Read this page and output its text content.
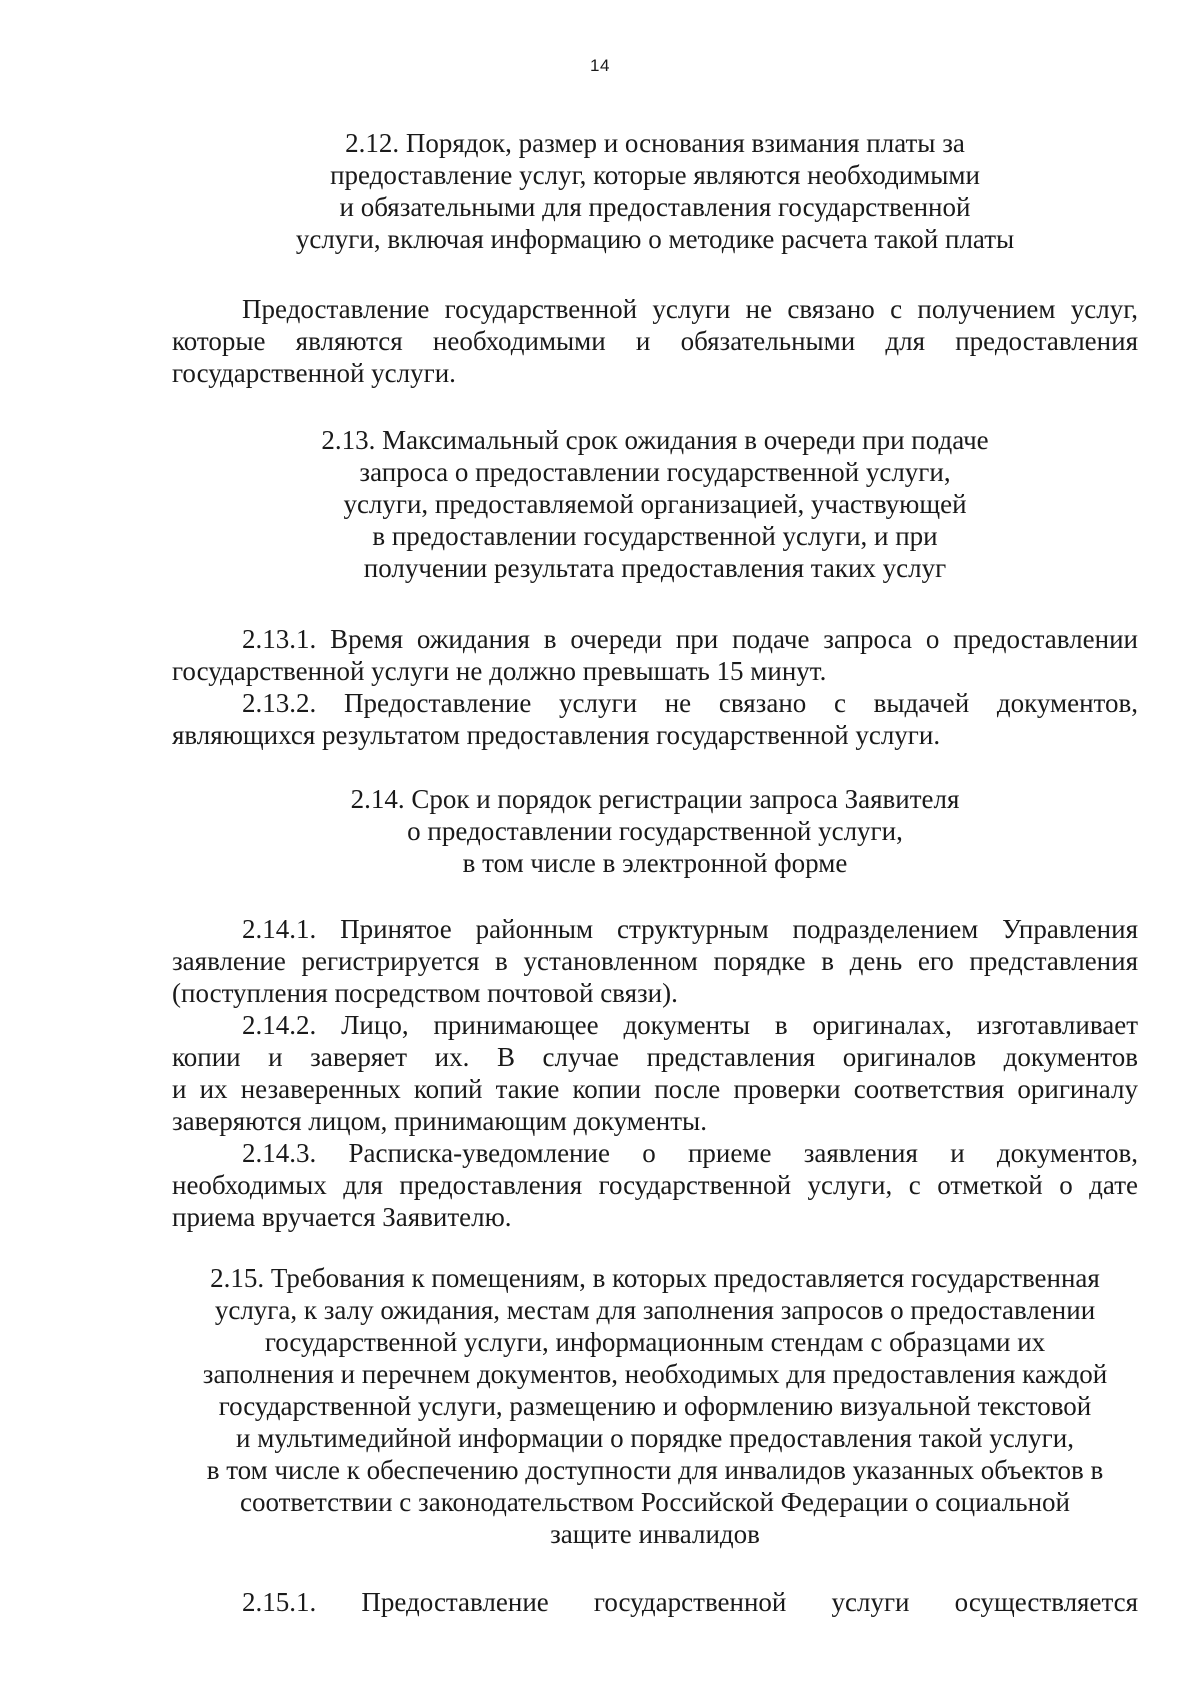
14
2.12. Порядок, размер и основания взимания платы за
предоставление услуг, которые являются необходимыми
и обязательными для предоставления государственной
услуги, включая информацию о методике расчета такой платы
Предоставление государственной услуги не связано с получением услуг,
которые являются необходимыми и обязательными для предоставления
государственной услуги.
2.13. Максимальный срок ожидания в очереди при подаче
запроса о предоставлении государственной услуги,
услуги, предоставляемой организацией, участвующей
в предоставлении государственной услуги, и при
получении результата предоставления таких услуг
2.13.1. Время ожидания в очереди при подаче запроса о предоставлении
государственной услуги не должно превышать 15 минут.
2.13.2. Предоставление услуги не связано с выдачей документов,
являющихся результатом предоставления государственной услуги.
2.14. Срок и порядок регистрации запроса Заявителя
о предоставлении государственной услуги,
в том числе в электронной форме
2.14.1. Принятое районным структурным подразделением Управления
заявление регистрируется в установленном порядке в день его представления
(поступления посредством почтовой связи).
2.14.2. Лицо, принимающее документы в оригиналах, изготавливает
копии и заверяет их. В случае представления оригиналов документов
и их незаверенных копий такие копии после проверки соответствия оригиналу
заверяются лицом, принимающим документы.
2.14.3. Расписка-уведомление о приеме заявления и документов,
необходимых для предоставления государственной услуги, с отметкой о дате
приема вручается Заявителю.
2.15. Требования к помещениям, в которых предоставляется государственная
услуга, к залу ожидания, местам для заполнения запросов о предоставлении
государственной услуги, информационным стендам с образцами их
заполнения и перечнем документов, необходимых для предоставления каждой
государственной услуги, размещению и оформлению визуальной текстовой
и мультимедийной информации о порядке предоставления такой услуги,
в том числе к обеспечению доступности для инвалидов указанных объектов в
соответствии с законодательством Российской Федерации о социальной
защите инвалидов
2.15.1. Предоставление государственной услуги осуществляется
